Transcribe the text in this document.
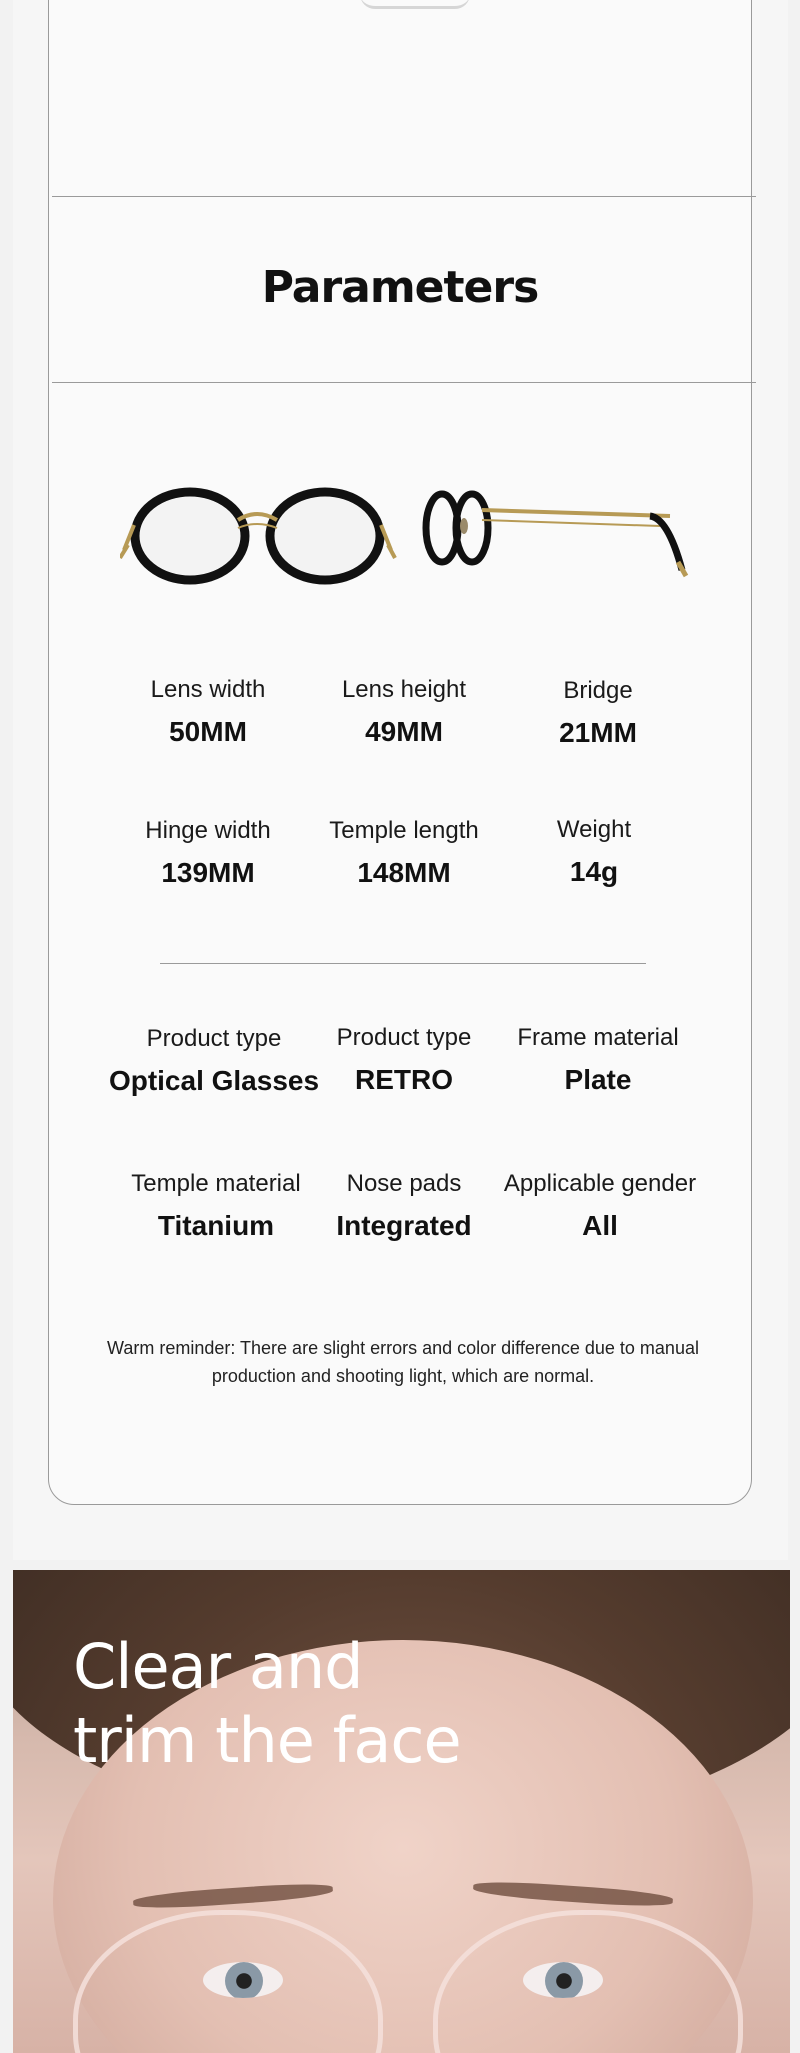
Parameters
Lens width
50MM
Lens height
49MM
Bridge
21MM
Hinge width
139MM
Temple length
148MM
Weight
14g
Product type
Optical Glasses
Product type
RETRO
Frame material
Plate
Temple material
Titanium
Nose pads
Integrated
Applicable gender
All
Warm reminder: There are slight errors and color difference due to manual production and shooting light, which are normal.
Clear and
trim the face
